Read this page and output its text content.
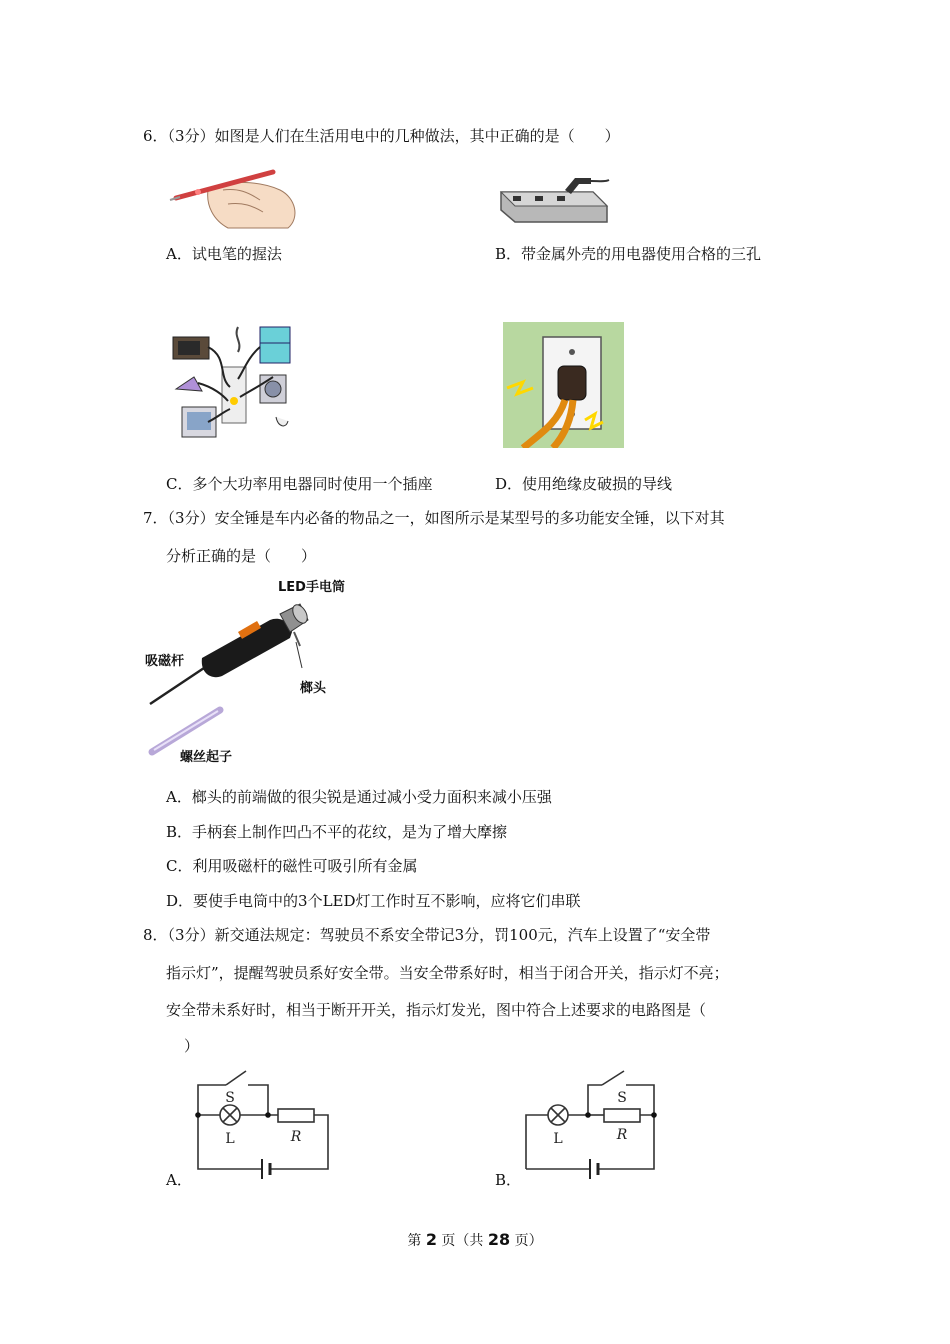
6．（3分）如图是人们在生活用电中的几种做法，其中正确的是（　　）
A．试电笔的握法	B．带金属外壳的用电器使用合格的三孔
C．多个大功率用电器同时使用一个插座	D．使用绝缘皮破损的导线
7．（3分）安全锤是车内必备的物品之一，如图所示是某型号的多功能安全锤，以下对其
分析正确的是（　　）
LED手电筒
吸磁杆
榔头
螺丝起子
A．榔头的前端做的很尖锐是通过减小受力面积来减小压强
B．手柄套上制作凹凸不平的花纹，是为了增大摩擦
C．利用吸磁杆的磁性可吸引所有金属
D．要使手电筒中的3个LED灯工作时互不影响，应将它们串联
8．（3分）新交通法规定：驾驶员不系安全带记3分，罚100元，汽车上设置了“安全带
指示灯”，提醒驾驶员系好安全带。当安全带系好时，相当于闭合开关，指示灯不亮；
安全带未系好时，相当于断开开关，指示灯发光，图中符合上述要求的电路图是（
）
S
L	R
A．
S
L	R
B．
第 2 页（共 28 页）
